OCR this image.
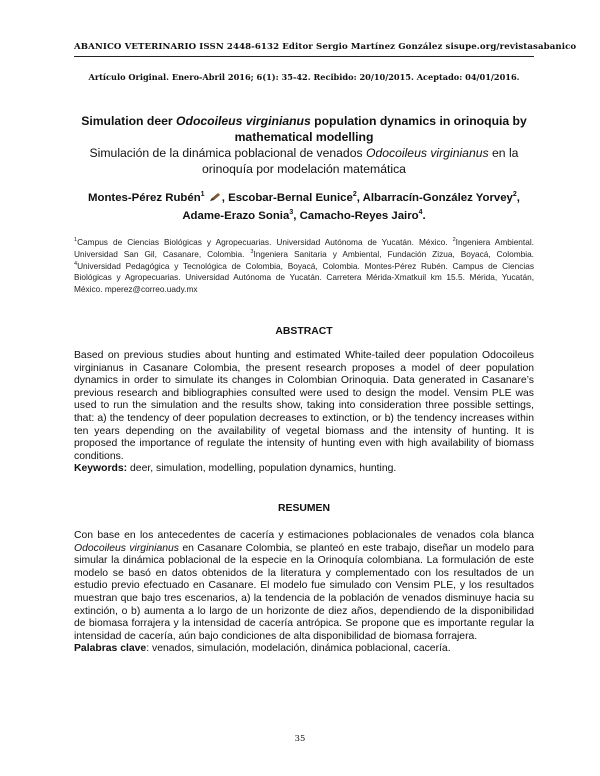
ABANICO VETERINARIO ISSN 2448-6132 Editor Sergio Martínez González sisupe.org/revistasabanico
Artículo Original. Enero-Abril 2016; 6(1): 35-42. Recibido: 20/10/2015. Aceptado: 04/01/2016.
Simulation deer Odocoileus virginianus population dynamics in orinoquia by mathematical modelling
Simulación de la dinámica poblacional de venados Odocoileus virginianus en la orinoquía por modelación matemática
Montes-Pérez Rubén$^1$ , Escobar-Bernal Eunice$^2$, Albarracín-González Yorvey$^2$,
Adame-Erazo Sonia$^3$, Camacho-Reyes Jairo$^4$.
$^1$Campus de Ciencias Biológicas y Agropecuarias. Universidad Autónoma de Yucatán. México. $^2$Ingeniera Ambiental. Universidad San Gil, Casanare, Colombia. $^3$Ingeniera Sanitaria y Ambiental, Fundación Zizua, Boyacá, Colombia. $^4$Universidad Pedagógica y Tecnológica de Colombia, Boyacá, Colombia. Montes-Pérez Rubén. Campus de Ciencias Biológicas y Agropecuarias. Universidad Autónoma de Yucatán. Carretera Mérida-Xmatkuil km 15.5. Mérida, Yucatán, México. mperez@correo.uady.mx
ABSTRACT

Based on previous studies about hunting and estimated White-tailed deer population Odocoileus virginianus in Casanare Colombia, the present research proposes a model of deer population dynamics in order to simulate its changes in Colombian Orinoquia. Data generated in Casanare’s previous research and bibliographies consulted were used to design the model. Vensim PLE was used to run the simulation and the results show, taking into consideration three possible settings, that: a) the tendency of deer population decreases to extinction, or b) the tendency increases within ten years depending on the availability of vegetal biomass and the intensity of hunting. It is proposed the importance of regulate the intensity of hunting even with high availability of biomass conditions.

Keywords: deer, simulation, modelling, population dynamics, hunting.

RESUMEN

Con base en los antecedentes de cacería y estimaciones poblacionales de venados cola blanca Odocoileus virginianus en Casanare Colombia, se planteó en este trabajo, diseñar un modelo para simular la dinámica poblacional de la especie en la Orinoquía colombiana. La formulación de este modelo se basó en datos obtenidos de la literatura y complementado con los resultados de un estudio previo efectuado en Casanare. El modelo fue simulado con Vensim PLE, y los resultados muestran que bajo tres escenarios, a) la tendencia de la población de venados disminuye hacia su extinción, o b) aumenta a lo largo de un horizonte de diez años, dependiendo de la disponibilidad de biomasa forrajera y la intensidad de cacería antrópica. Se propone que es importante regular la intensidad de cacería, aún bajo condiciones de alta disponibilidad de biomasa forrajera.

Palabras clave: venados, simulación, modelación, dinámica poblacional, cacería.

35
